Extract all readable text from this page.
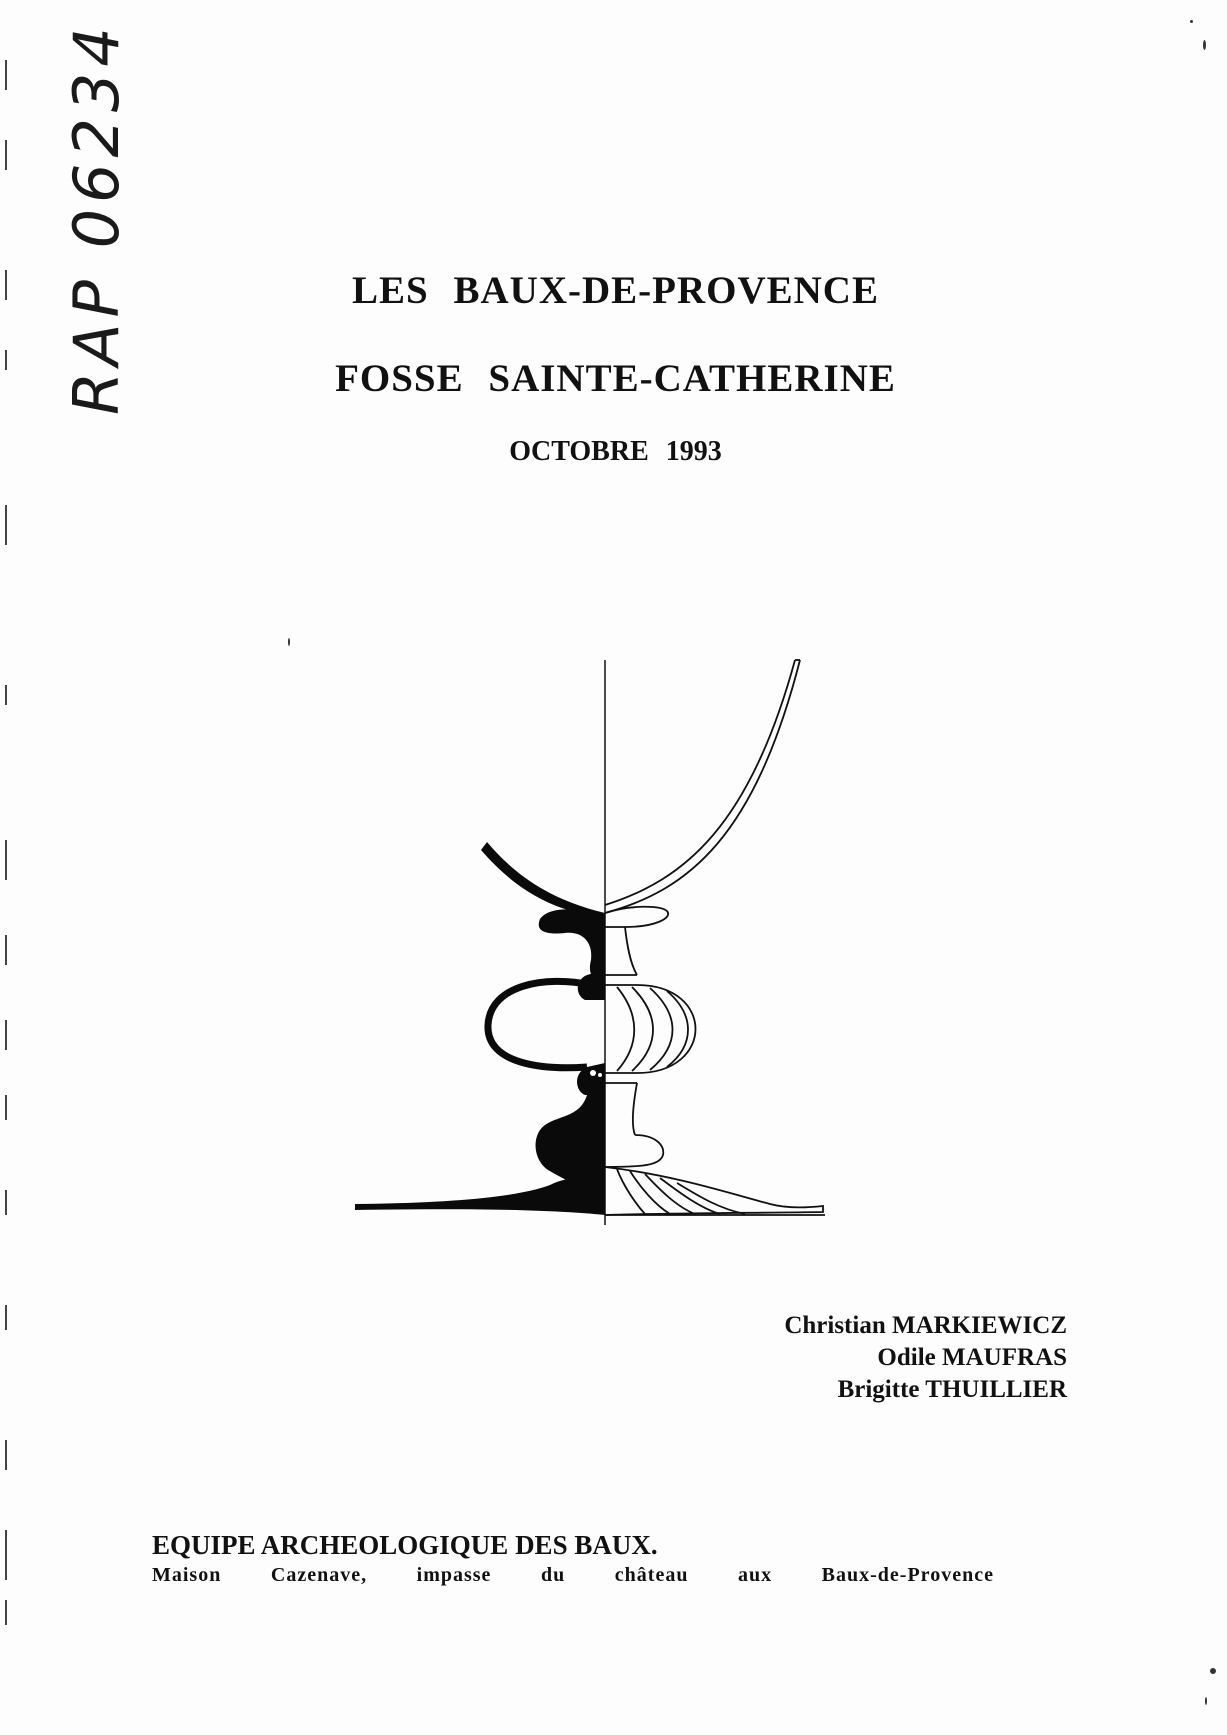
RAP 06234	LES BAUX-DE-PROVENCE
FOSSE SAINTE-CATHERINE
OCTOBRE 1993
Christian MARKIEWICZ
Odile MAUFRAS
Brigitte THUILLIER
EQUIPE ARCHEOLOGIQUE DES BAUX.
Maison Cazenave, impasse du château aux Baux-de-Provence
